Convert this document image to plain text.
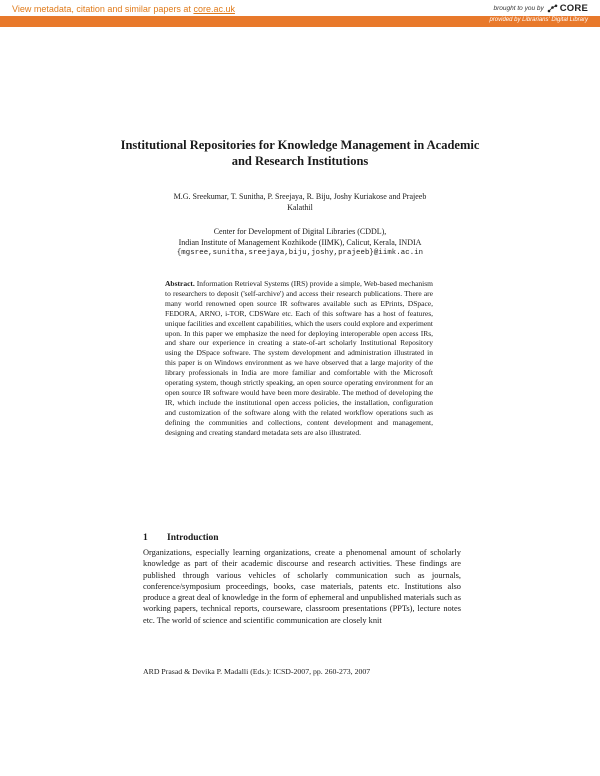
View metadata, citation and similar papers at core.ac.uk	brought to you by CORE
provided by Librarians' Digital Library
Institutional Repositories for Knowledge Management in Academic and Research Institutions
M.G. Sreekumar, T. Sunitha, P. Sreejaya, R. Biju, Joshy Kuriakose and Prajeeb Kalathil
Center for Development of Digital Libraries (CDDL),
Indian Institute of Management Kozhikode (IIMK), Calicut, Kerala, INDIA
{mgsree,sunitha,sreejaya,biju,joshy,prajeeb}@iimk.ac.in
Abstract. Information Retrieval Systems (IRS) provide a simple, Web-based mechanism to researchers to deposit ('self-archive') and access their research publications. There are many world renowned open source IR softwares available such as EPrints, DSpace, FEDORA, ARNO, i-TOR, CDSWare etc. Each of this software has a host of features, unique facilities and excellent capabilities, which the users could explore and experiment upon. In this paper we emphasize the need for deploying interoperable open access IRs, and share our experience in creating a state-of-art scholarly Institutional Repository using the DSpace software. The system development and administration illustrated in this paper is on Windows environment as we have observed that a large majority of the library professionals in India are more familiar and comfortable with the Microsoft operating system, though strictly speaking, an open source operating environment for an open source IR software would have been more desirable. The method of developing the IR, which include the institutional open access policies, the installation, configuration and customization of the software along with the related workflow operations such as defining the communities and collections, content development and management, designing and creating standard metadata sets are also illustrated.
1 Introduction
Organizations, especially learning organizations, create a phenomenal amount of scholarly knowledge as part of their academic discourse and research activities. These findings are published through various vehicles of scholarly communication such as journals, conference/symposium proceedings, books, case materials, patents etc. Institutions also produce a great deal of knowledge in the form of ephemeral and unpublished materials such as working papers, technical reports, courseware, classroom presentations (PPTs), lecture notes etc. The world of science and scientific communication are closely knit
ARD Prasad & Devika P. Madalli (Eds.): ICSD-2007, pp. 260-273, 2007
